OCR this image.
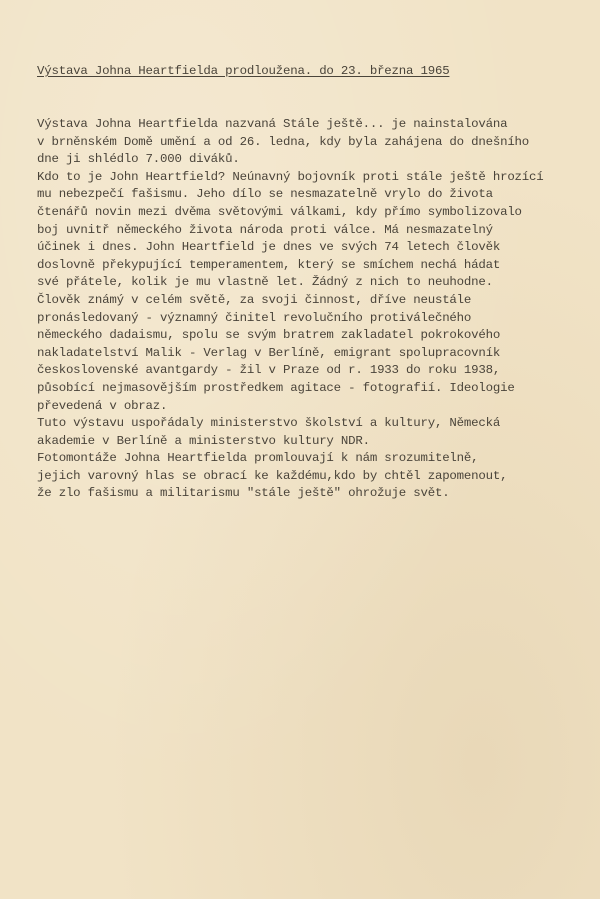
Výstava Johna Heartfielda prodloužena. do 23. března 1965
Výstava Johna Heartfielda nazvaná Stále ještě... je nainstalována
v brněnském Domě umění a od 26. ledna, kdy byla zahájena do dnešního
dne ji shlédlo 7.000 diváků.
Kdo to je John Heartfield? Neúnavný bojovník proti stále ještě hrozící
mu nebezpečí fašismu. Jeho dílo se nesmazatelně vrylo do života
čtenářů novin mezi dvěma světovými válkami, kdy přímo symbolizovalo
boj uvnitř německého života národa proti válce. Má nesmazatelný
účinek i dnes. John Heartfield je dnes ve svých 74 letech člověk
doslovně překypující temperamentem, který se smíchem nechá hádat
své přátele, kolik je mu vlastně let. Žádný z nich to neuhodne.
Člověk známý v celém světě, za svoji činnost, dříve neustále
pronásledovaný - významný činitel revolučního protiválečného
německého dadaismu, spolu se svým bratrem zakladatel pokrokového
nakladatelství Malik - Verlag v Berlíně, emigrant spolupracovník
československé avantgardy - žil v Praze od r. 1933 do roku 1938,
působící nejmasovějším prostředkem agitace - fotografií. Ideologie
převedená v obraz.
Tuto výstavu uspořádaly ministerstvo školství a kultury, Německá
akademie v Berlíně a ministerstvo kultury NDR.
Fotomontáže Johna Heartfielda promlouvají k nám srozumitelně,
jejich varovný hlas se obrací ke každému,kdo by chtěl zapomenout,
že zlo fašismu a militarismu "stále ještě" ohrožuje svět.
